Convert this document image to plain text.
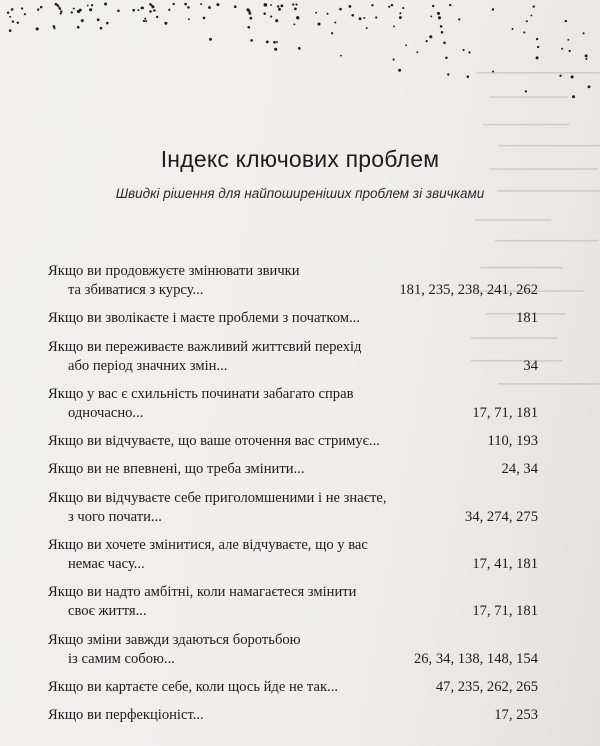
Індекс ключових проблем

Швидкі рішення для найпоширеніших проблем зі звичками

Якщо ви продовжуєте змінювати звички
та збиватися з курсу...	181, 235, 238, 241, 262
Якщо ви зволікаєте і маєте проблеми з початком...	181
Якщо ви переживаєте важливий життєвий перехід
або період значних змін...	34
Якщо у вас є схильність починати забагато справ
одночасно...	17, 71, 181
Якщо ви відчуваєте, що ваше оточення вас стримує...	110, 193
Якщо ви не впевнені, що треба змінити...	24, 34
Якщо ви відчуваєте себе приголомшеними і не знаєте,
з чого почати...	34, 274, 275
Якщо ви хочете змінитися, але відчуваєте, що у вас
немає часу...	17, 41, 181
Якщо ви надто амбітні, коли намагаєтеся змінити
своє життя...	17, 71, 181
Якщо зміни завжди здаються боротьбою
із самим собою...	26, 34, 138, 148, 154
Якщо ви картаєте себе, коли щось йде не так...	47, 235, 262, 265
Якщо ви перфекціоніст...	17, 253
